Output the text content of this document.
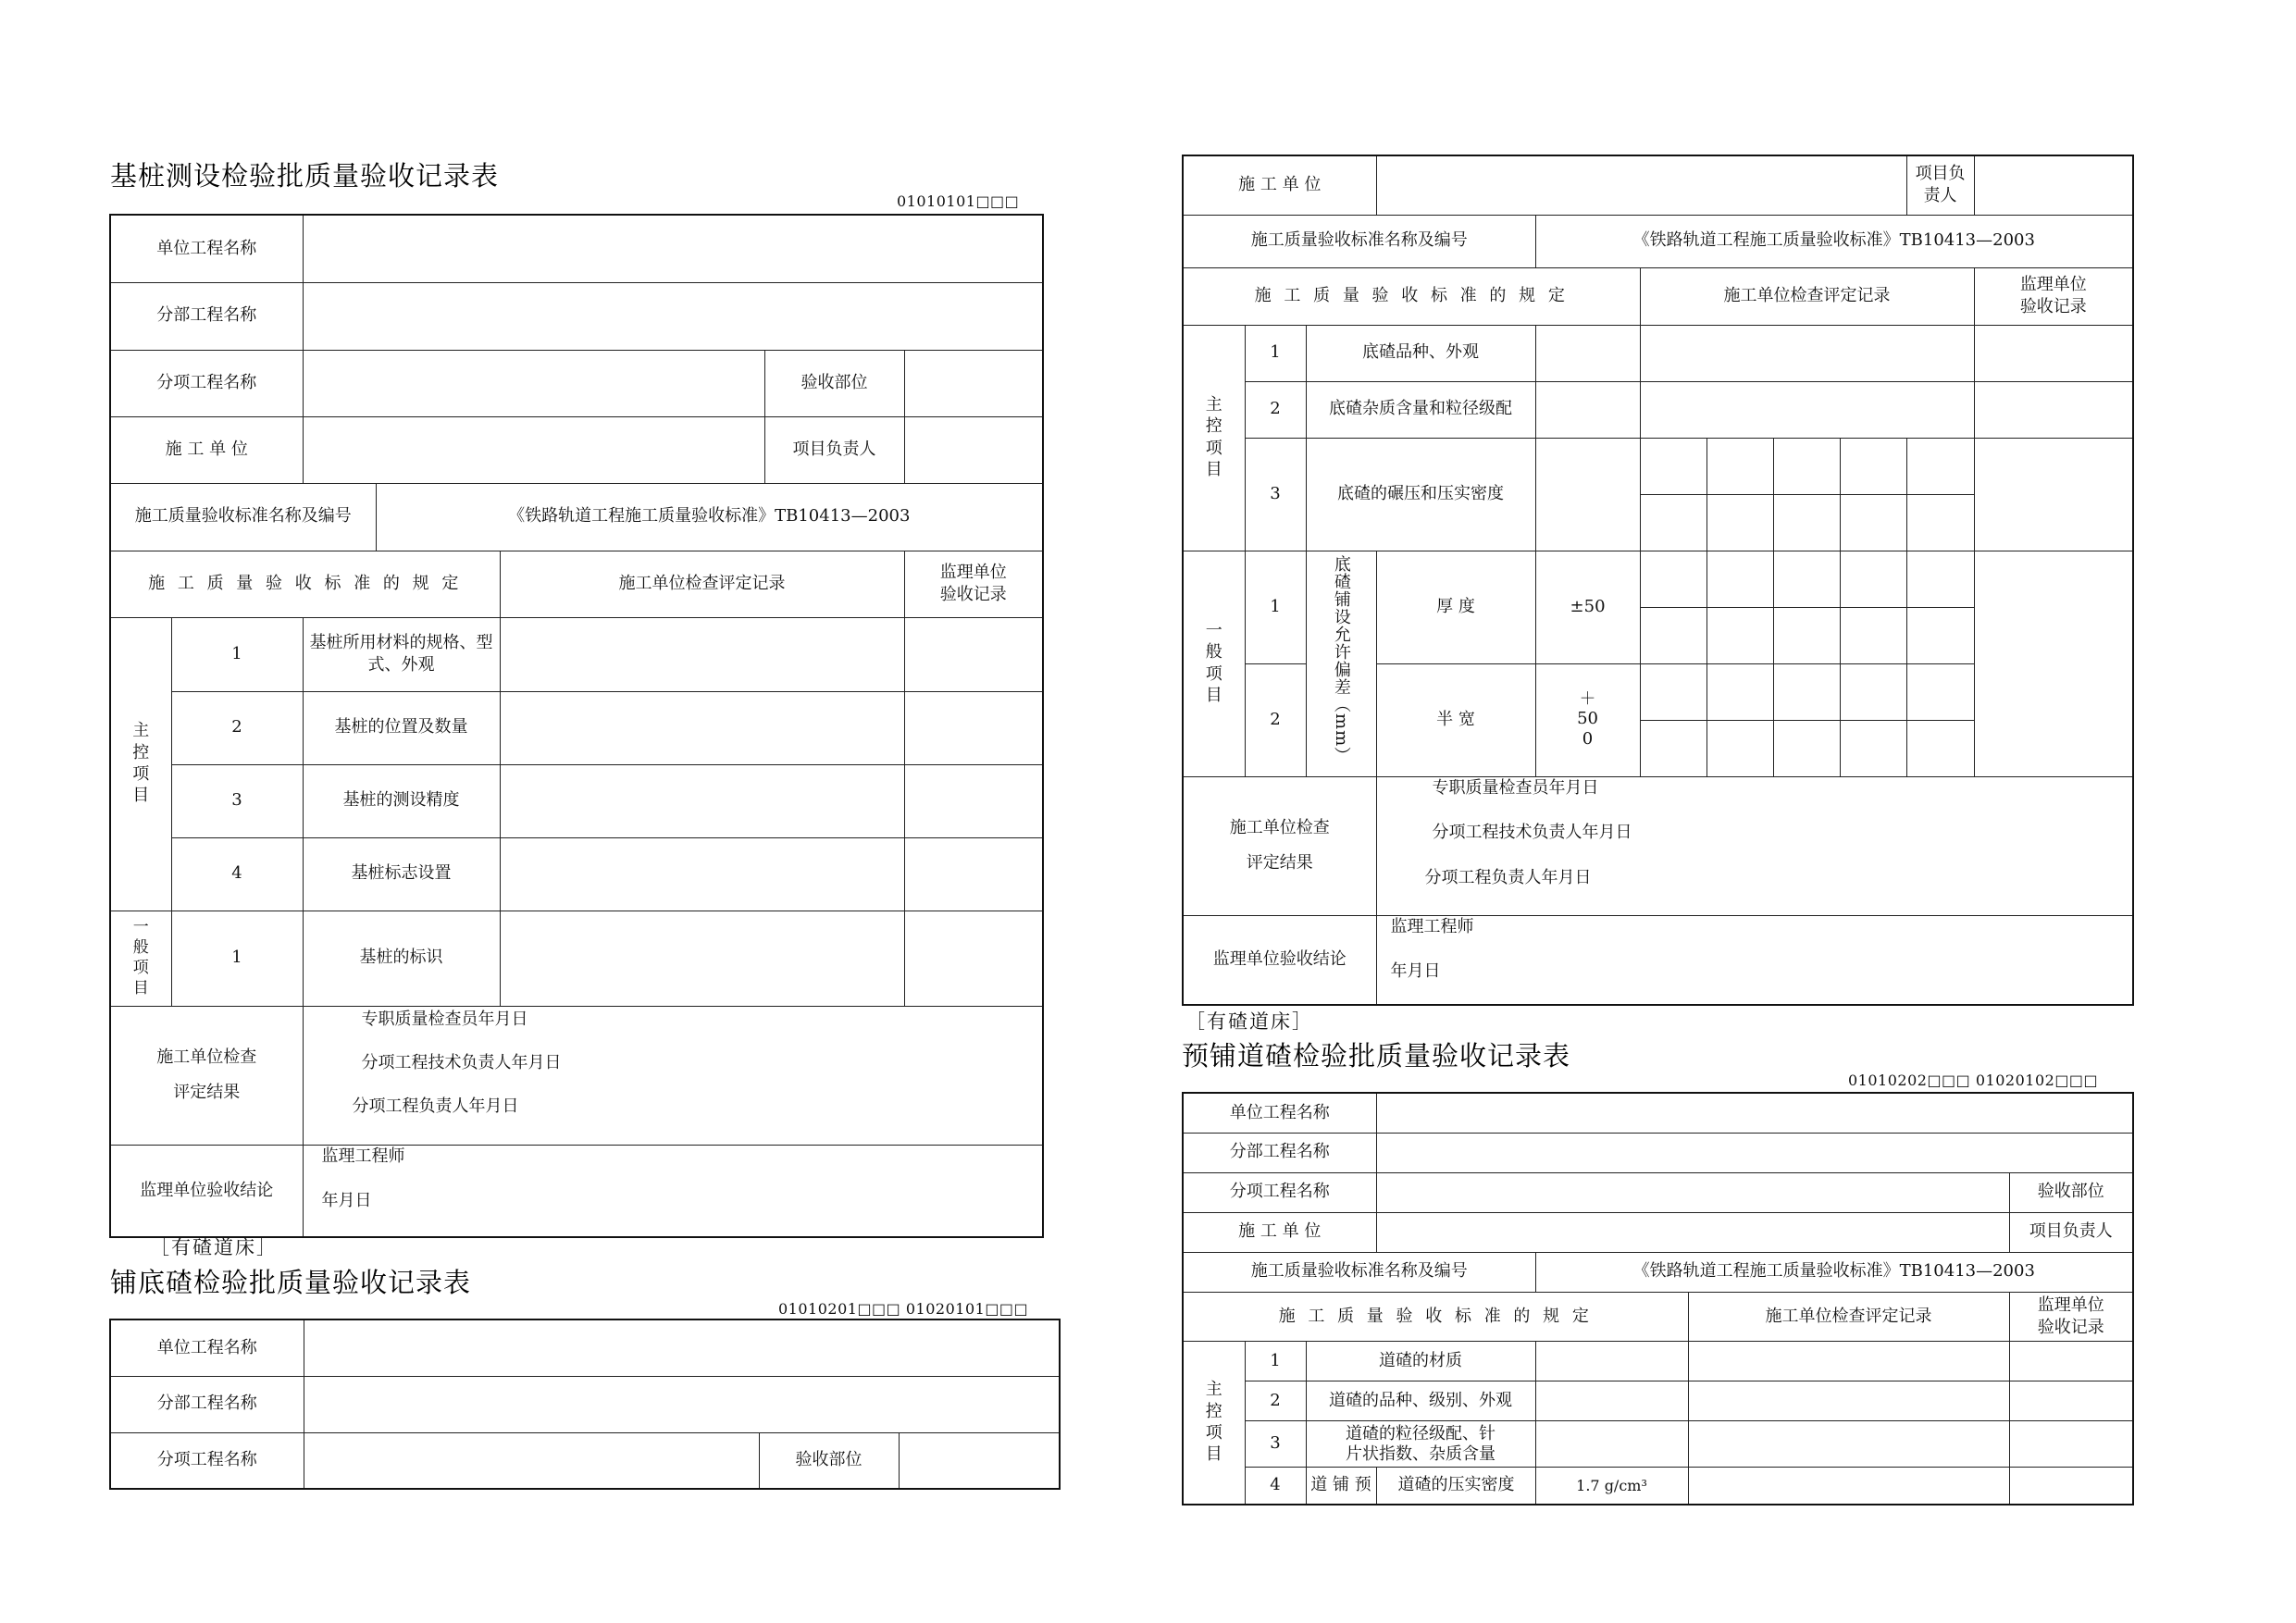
基桩测设检验批质量验收记录表
01010101□□□
单位工程名称						
分部工程名称						
分项工程名称					验收部位	
施 工 单 位					项目负责人	
施工质量验收标准名称及编号			《铁路轨道工程施工质量验收标准》TB10413—2003			
施 工 质 量 验 收 标 准 的 规 定				施工单位检查评定记录		监理单位验收记录
主控项目	1	基桩所用材料的规格、型式、外观				
	2	基桩的位置及数量				
	3	基桩的测设精度				
	4	基桩标志设置				
一般项目	1	基桩的标识				
施工单位检查评定结果		专职质量检查员年月日
分项工程技术负责人年月日
分项工程负责人年月日				

监理单位验收结论		监理工程师
年月日				
施 工 单 位									项目负责人	
施工质量验收标准名称及编号				《铁路轨道工程施工质量验收标准》TB10413—2003						
施 工 质 量 验 收 标 准 的 规 定					施工单位检查评定记录					监理单位验收记录
主控项目	1	底碴品种、外观								
	2	底碴杂质含量和粒径级配								
	3	底碴的碾压和压实密度								

一般项目	1	底碴铺设允许偏差（mm）	厚 度	±50						

	2		半 宽	＋50 0						

施工单位检查评定结果			专职质量检查员年月日
分项工程技术负责人年月日
分项工程负责人年月日							

监理单位验收结论			监理工程师
年月日							
［有碴道床］
铺底碴检验批质量验收记录表
01010201□□□ 01020101□□□
单位工程名称			
分部工程名称			
分项工程名称		验收部位	
［有碴道床］
预铺道碴检验批质量验收记录表
01010202□□□ 01020102□□□
单位工程名称						
分部工程名称						
分项工程名称						验收部位
施 工 单 位						项目负责人
施工质量验收标准名称及编号				《铁路轨道工程施工质量验收标准》TB10413—2003		
施 工 质 量 验 收 标 准 的 规 定					施工单位检查评定记录	监理单位验收记录
主控项目	1	道碴的材质				
	2	道碴的品种、级别、外观				
	3	道碴的粒径级配、针片状指数、杂质含量				
	4	道 铺 预	道碴的压实密度	1.7 g/cm³		
